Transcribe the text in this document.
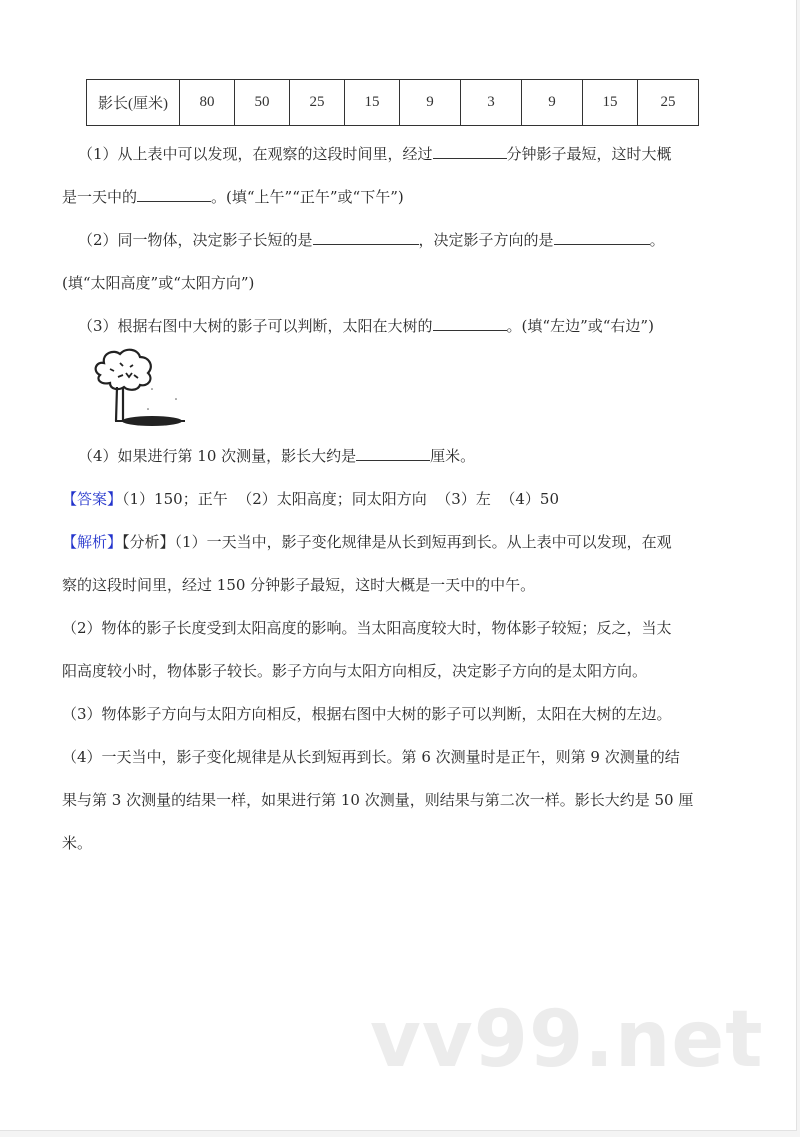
影长(厘米)	80	50	25	15	9	3	9	15	25
（1）从上表中可以发现，在观察的这段时间里，经过	分钟影子最短，这时大概
是一天中的	。(填“上午”“正午”或“下午”)
（2）同一物体，决定影子长短的是	，决定影子方向的是	。
(填“太阳高度”或“太阳方向”)
（3）根据右图中大树的影子可以判断，太阳在大树的	。(填“左边”或“右边”)
（4）如果进行第 10 次测量，影长大约是	厘米。
【答案】（1）150；正午  （2）太阳高度；同太阳方向  （3）左  （4）50
【解析】【分析】（1）一天当中，影子变化规律是从长到短再到长。从上表中可以发现，在观
察的这段时间里，经过 150 分钟影子最短，这时大概是一天中的中午。
（2）物体的影子长度受到太阳高度的影响。当太阳高度较大时，物体影子较短；反之，当太
阳高度较小时，物体影子较长。影子方向与太阳方向相反，决定影子方向的是太阳方向。
（3）物体影子方向与太阳方向相反，根据右图中大树的影子可以判断，太阳在大树的左边。
（4）一天当中，影子变化规律是从长到短再到长。第 6 次测量时是正午，则第 9 次测量的结
果与第 3 次测量的结果一样，如果进行第 10 次测量，则结果与第二次一样。影长大约是 50 厘
米。
vv99.net
